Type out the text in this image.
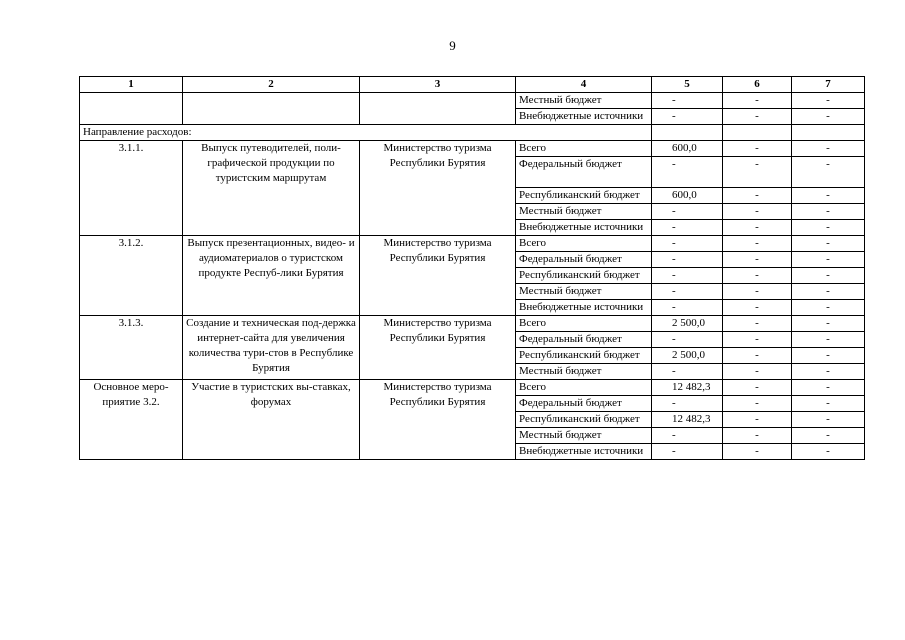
9
1	2	3	4	5	6	7
			Местный бюджет	-	-	-
			Внебюджетные источники	-	-	-
Направление расходов:						
3.1.1.	Выпуск путеводителей, поли-графической продукции по туристским маршрутам	Министерство туризма Республики Бурятия	Всего	600,0	-	-
			Федеральный бюджет	-	-	-
			Республиканский бюджет	600,0	-	-
			Местный бюджет	-	-	-
			Внебюджетные источники	-	-	-
3.1.2.	Выпуск презентационных, видео- и аудиоматериалов о туристском продукте Респуб-лики Бурятия	Министерство туризма Республики Бурятия	Всего	-	-	-
			Федеральный бюджет	-	-	-
			Республиканский бюджет	-	-	-
			Местный бюджет	-	-	-
			Внебюджетные источники	-	-	-
3.1.3.	Создание и техническая под-держка интернет-сайта для увеличения количества тури-стов в Республике Бурятия	Министерство туризма Республики Бурятия	Всего	2 500,0	-	-
			Федеральный бюджет	-	-	-
			Республиканский бюджет	2 500,0	-	-
			Местный бюджет	-	-	-
Основное меро-приятие 3.2.	Участие в туристских вы-ставках, форумах	Министерство туризма Республики Бурятия	Всего	12 482,3	-	-
			Федеральный бюджет	-	-	-
			Республиканский бюджет	12 482,3	-	-
			Местный бюджет	-	-	-
			Внебюджетные источники	-	-	-
